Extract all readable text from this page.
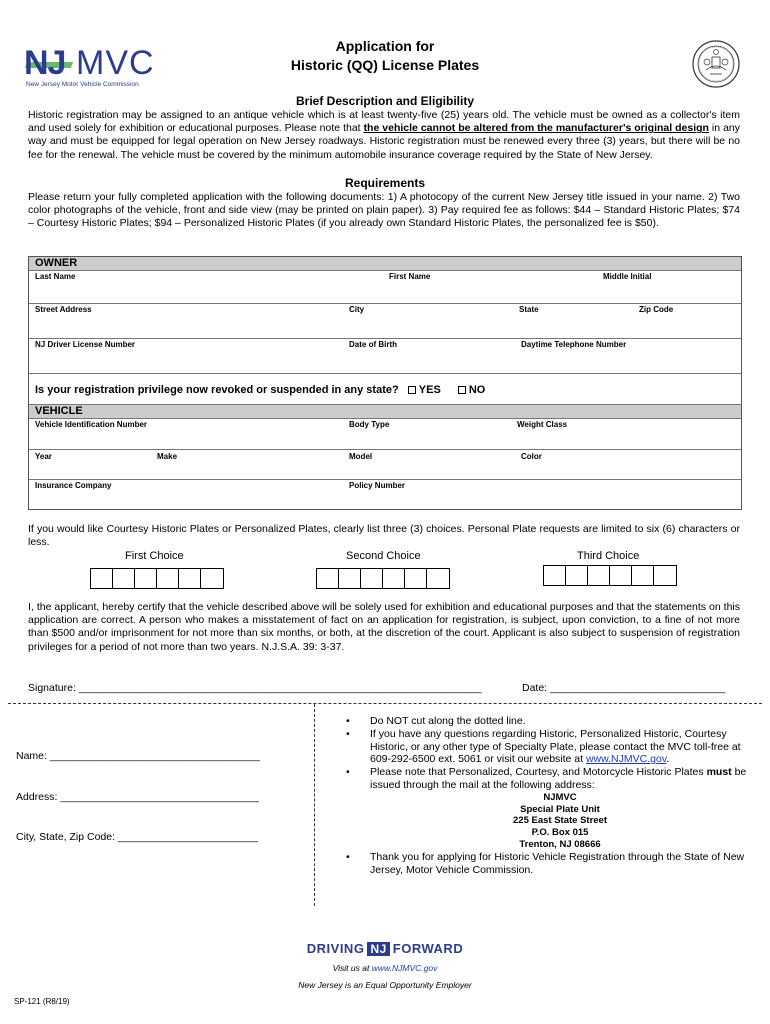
NJ MVC
New Jersey Motor Vehicle Commission
Application for
Historic (QQ) License Plates
Brief Description and Eligibility
Historic registration may be assigned to an antique vehicle which is at least twenty-five (25) years old. The vehicle must be owned as a collector's item and used solely for exhibition or educational purposes. Please note that the vehicle cannot be altered from the manufacturer's original design in any way and must be equipped for legal operation on New Jersey roadways. Historic registration must be renewed every three (3) years, but there will be no fee for the renewal. The vehicle must be covered by the minimum automobile insurance coverage required by the State of New Jersey.
Requirements
Please return your fully completed application with the following documents: 1) A photocopy of the current New Jersey title issued in your name. 2) Two color photographs of the vehicle, front and side view (may be printed on plain paper). 3) Pay required fee as follows: $44 – Standard Historic Plates; $74 – Courtesy Historic Plates; $94 – Personalized Historic Plates (if you already own Standard Historic Plates, the personalized fee is $50).
OWNER
Last Name	First Name	Middle Initial
Street Address	City	State	Zip Code
NJ Driver License Number	Date of Birth	Daytime Telephone Number
Is your registration privilege now revoked or suspended in any state? YES	NO
VEHICLE
Vehicle Identification Number	Body Type	Weight Class
Year	Make	Model	Color
Insurance Company	Policy Number
If you would like Courtesy Historic Plates or Personalized Plates, clearly list three (3) choices. Personal Plate requests are limited to six (6) characters or less.
First Choice	Second Choice	Third Choice
I, the applicant, hereby certify that the vehicle described above will be solely used for exhibition and educational purposes and that the statements on this application are correct. A person who makes a misstatement of fact on an application for registration, is subject, upon conviction, to a fine of not more than $500 and/or imprisonment for not more than six months, or both, at the discretion of the court. Applicant is also subject to suspension of registration privileges for a period of not more than two years. N.J.S.A. 39: 3-37.
Signature: _____________________________________________________________________	Date: ______________________________
Name: ____________________________________
Address: __________________________________
City, State, Zip Code: ________________________
• Do NOT cut along the dotted line.
• If you have any questions regarding Historic, Personalized Historic, Courtesy Historic, or any other type of Specialty Plate, please contact the MVC toll-free at 609-292-6500 ext. 5061 or visit our website at www.NJMVC.gov.
• Please note that Personalized, Courtesy, and Motorcycle Historic Plates must be issued through the mail at the following address:
NJMVC
Special Plate Unit
225 East State Street
P.O. Box 015
Trenton, NJ 08666
• Thank you for applying for Historic Vehicle Registration through the State of New Jersey, Motor Vehicle Commission.
DRIVING NJ FORWARD
Visit us at www.NJMVC.gov
New Jersey is an Equal Opportunity Employer
SP-121 (R8/19)
